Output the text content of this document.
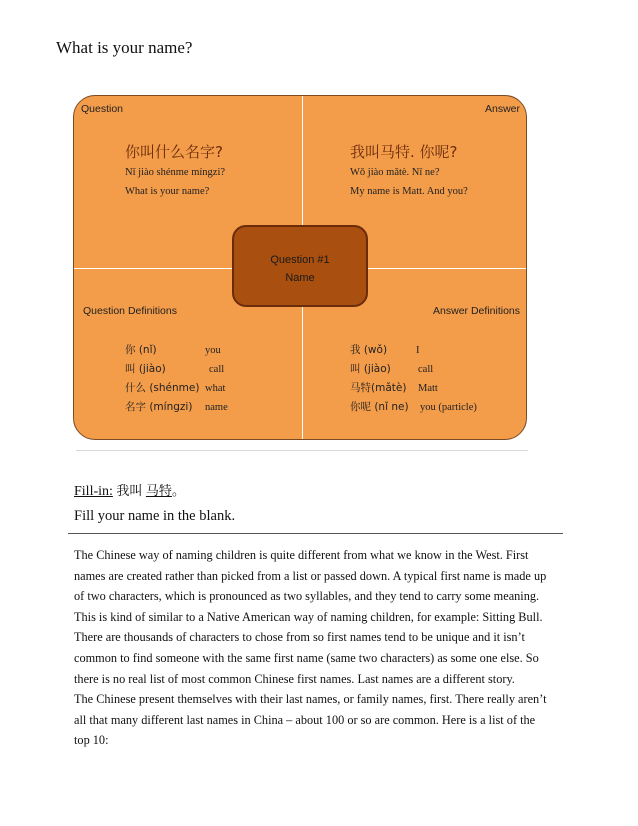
What is your name?
Question	Answer
你叫什么名字?
Nǐ jiào shénme míngzi?
What is your name?
我叫马特. 你呢?
Wǒ jiào mǎtè. Nǐ ne?
My name is Matt. And you?
Question Definitions	Answer Definitions
你 (nǐ)	you
叫 (jiào)	call
什么 (shénme) what
名字 (míngzi)	name
我 (wǒ)	I
叫 (jiào)	call
马特(mǎtè)	Matt
你呢 (nǐ ne)	you (particle)
Question #1
Name
Fill-in: 我叫 马特。
Fill your name in the blank.
The Chinese way of naming children is quite different from what we know in the West. First
names are created rather than picked from a list or passed down. A typical first name is made up
of two characters, which is pronounced as two syllables, and they tend to carry some meaning.
This is kind of similar to a Native American way of naming children, for example: Sitting Bull.
There are thousands of characters to chose from so first names tend to be unique and it isn’t
common to find someone with the same first name (same two characters) as some one else. So
there is no real list of most common Chinese first names. Last names are a different story.
The Chinese present themselves with their last names, or family names, first. There really aren’t
all that many different last names in China – about 100 or so are common. Here is a list of the
top 10:
